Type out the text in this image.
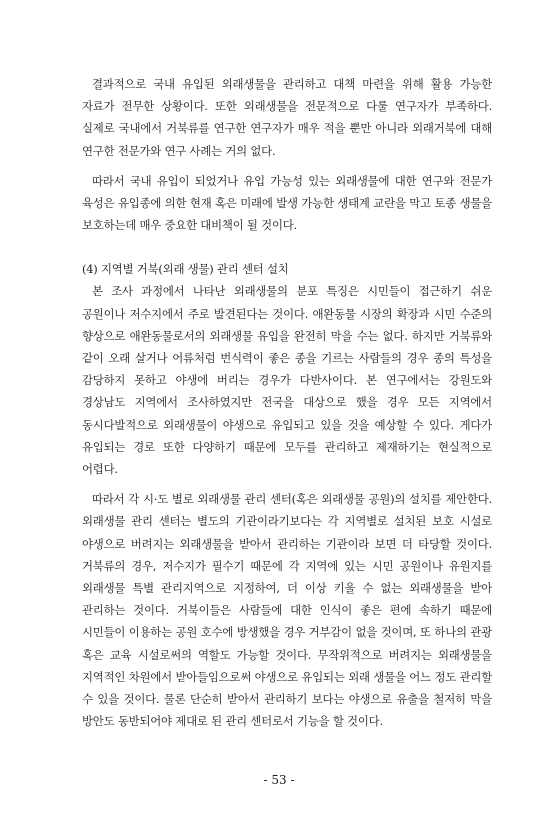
결과적으로 국내 유입된 외래생물을 관리하고 대책 마련을 위해 활용 가능한 자료가 전무한 상황이다. 또한 외래생물을 전문적으로 다룰 연구자가 부족하다. 실제로 국내에서 거북류를 연구한 연구자가 매우 적을 뿐만 아니라 외래거북에 대해 연구한 전문가와 연구 사례는 거의 없다.

따라서 국내 유입이 되었거나 유입 가능성 있는 외래생물에 대한 연구와 전문가 육성은 유입종에 의한 현재 혹은 미래에 발생 가능한 생태계 교란을 막고 토종 생물을 보호하는데 매우 중요한 대비책이 될 것이다.

(4) 지역별 거북(외래 생물) 관리 센터 설치

본 조사 과정에서 나타난 외래생물의 분포 특징은 시민들이 접근하기 쉬운 공원이나 저수지에서 주로 발견된다는 것이다. 애완동물 시장의 확장과 시민 수준의 향상으로 애완동물로서의 외래생물 유입을 완전히 막을 수는 없다. 하지만 거북류와 같이 오래 살거나 어류처럼 번식력이 좋은 종을 기르는 사람들의 경우 종의 특성을 감당하지 못하고 야생에 버리는 경우가 다반사이다. 본 연구에서는 강원도와 경상남도 지역에서 조사하였지만 전국을 대상으로 했을 경우 모든 지역에서 동시다발적으로 외래생물이 야생으로 유입되고 있을 것을 예상할 수 있다. 게다가 유입되는 경로 또한 다양하기 때문에 모두를 관리하고 제재하기는 현실적으로 어렵다.

따라서 각 시·도 별로 외래생물 관리 센터(혹은 외래생물 공원)의 설치를 제안한다. 외래생물 관리 센터는 별도의 기관이라기보다는 각 지역별로 설치된 보호 시설로 야생으로 버려지는 외래생물을 받아서 관리하는 기관이라 보면 더 타당할 것이다. 거북류의 경우, 저수지가 필수기 때문에 각 지역에 있는 시민 공원이나 유원지를 외래생물 특별 관리지역으로 지정하여, 더 이상 키울 수 없는 외래생물을 받아 관리하는 것이다. 거북이들은 사람들에 대한 인식이 좋은 편에 속하기 때문에 시민들이 이용하는 공원 호수에 방생했을 경우 거부감이 없을 것이며, 또 하나의 관광 혹은 교육 시설로써의 역할도 가능할 것이다. 무작위적으로 버려지는 외래생물을 지역적인 차원에서 받아들임으로써 야생으로 유입되는 외래 생물을 어느 정도 관리할 수 있을 것이다. 물론 단순히 받아서 관리하기 보다는 야생으로 유출을 철저히 막을 방안도 동반되어야 제대로 된 관리 센터로서 기능을 할 것이다.

- 53 -
